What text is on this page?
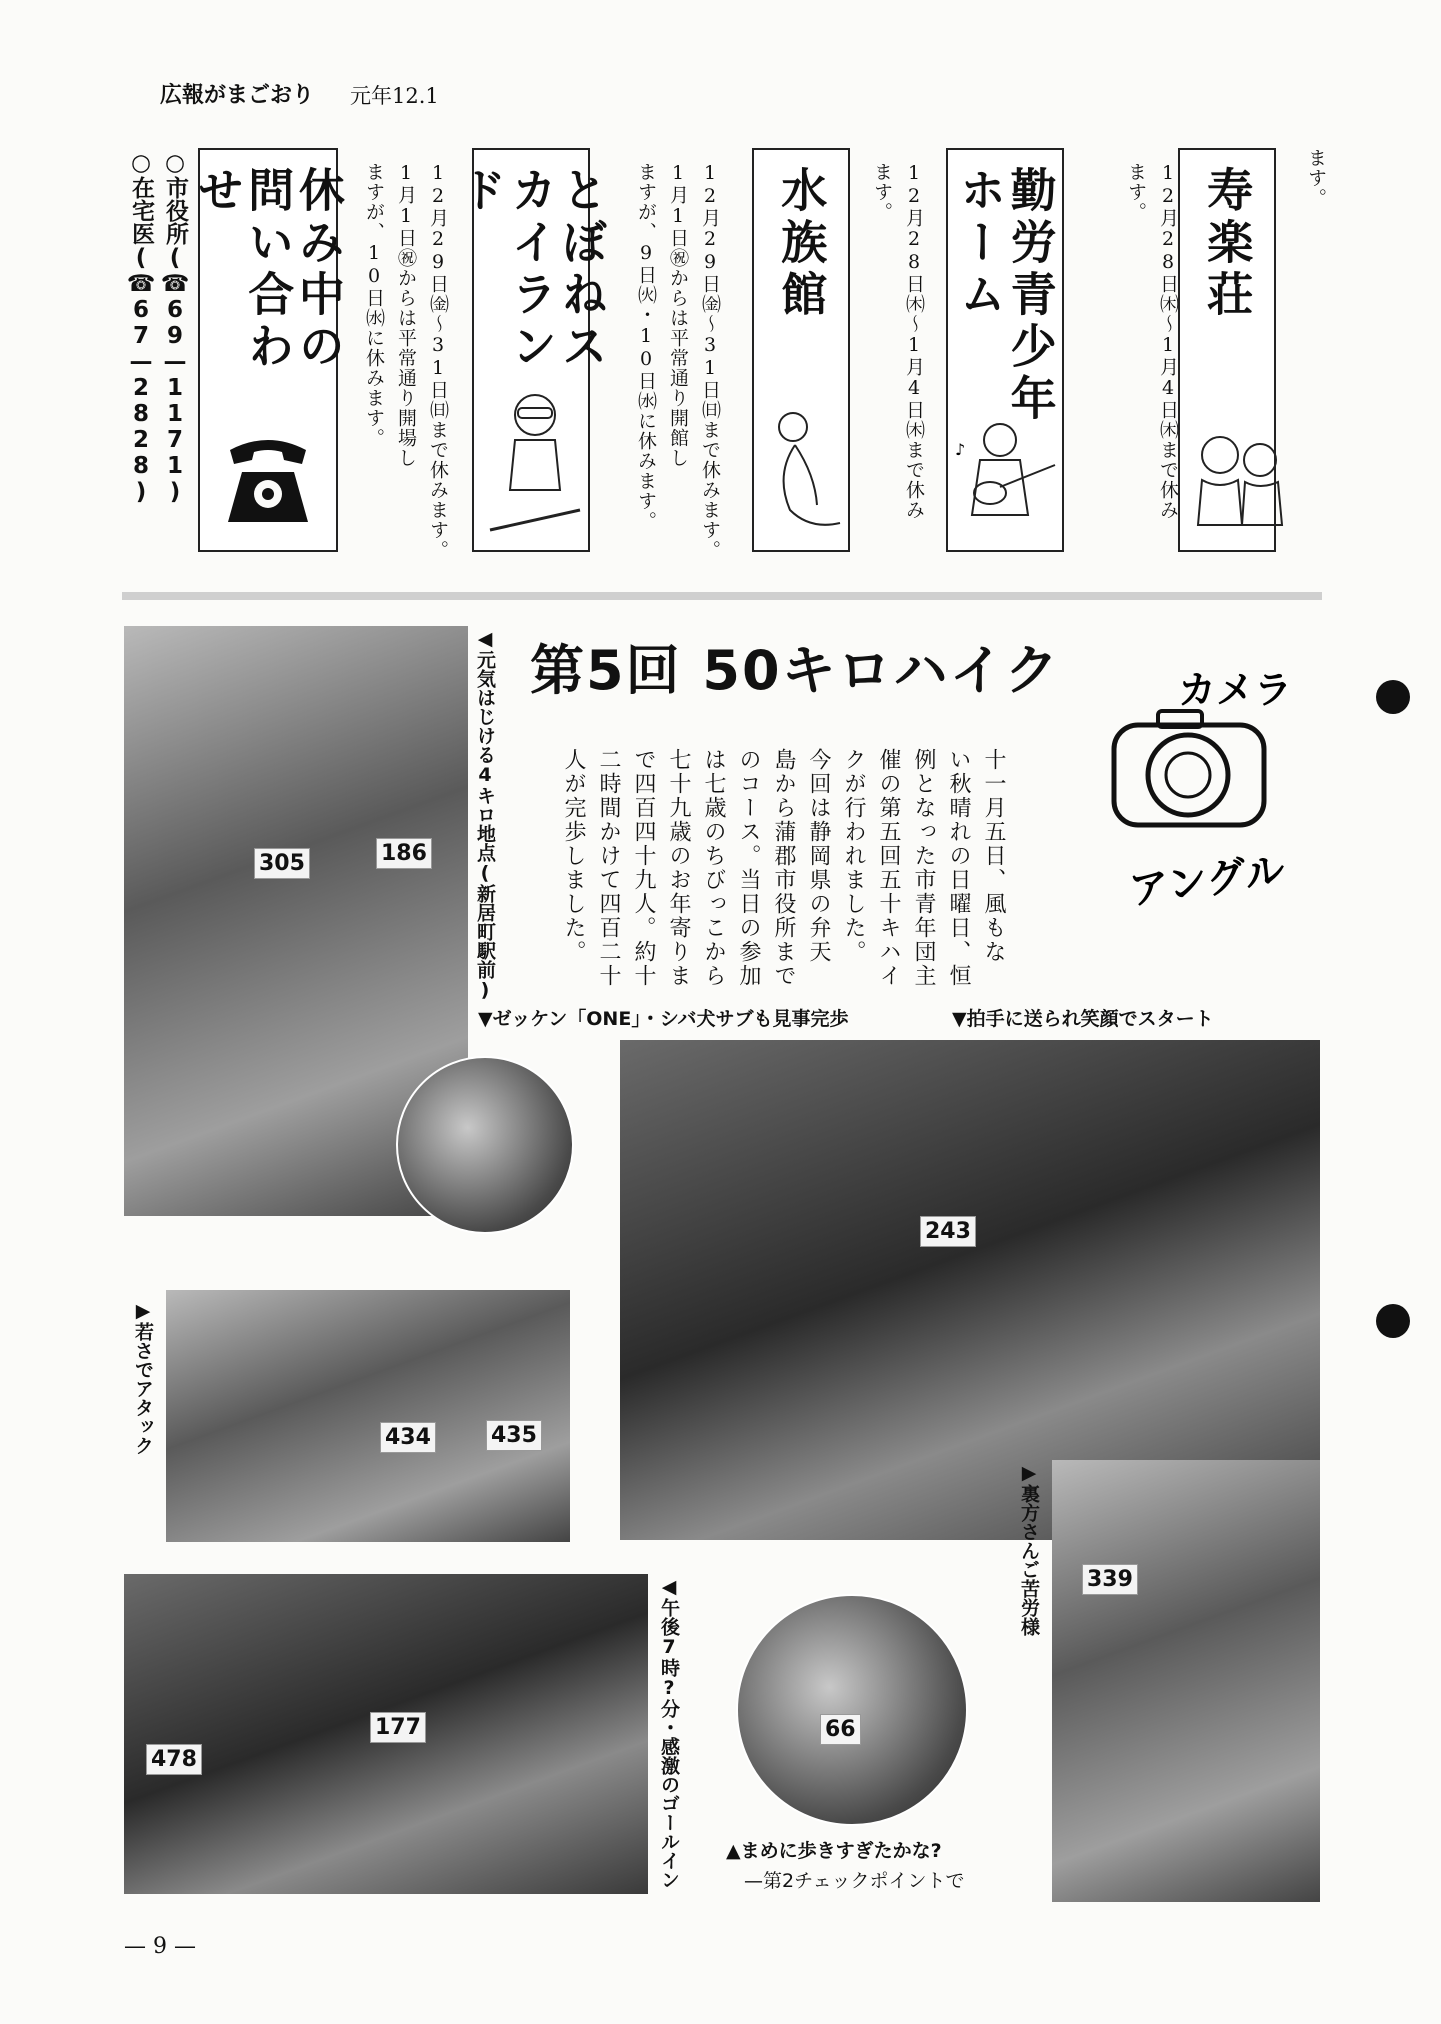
広報がまごおり 元年12.1
ます。
寿楽荘
12月28日㈭〜1月4日㈭まで休み
ます。
勤労青少年ホーム
12月28日㈭〜1月4日㈭まで休み
ます。
♪
水族館
12月29日㈮〜31日㈰まで休みます。
1月1日㊗からは平常通り開館し
ますが、9日㈫・10日㈬に休みます。
とぼねスカイランド
12月29日㈮〜31日㈰まで休みます。
1月1日㊗からは平常通り開場し
ますが、10日㈬に休みます。
休み中の問い合わせ
○市役所(☎69—1171)
○在宅医(☎67—2828)
第5回 50キロハイク	カメラ
アングル
十一月五日、風もな
い秋晴れの日曜日、恒
例となった市青年団主
催の第五回五十キハイ
クが行われました。
今回は静岡県の弁天
島から蒲郡市役所まで
のコース。当日の参加
は七歳のちびっこから
七十九歳のお年寄りま
で四百四十九人。約十
二時間かけて四百二十
人が完歩しました。
305	186 ◀元気はじける4キロ地点(新居町駅前)
▼ゼッケン「ONE」・シバ犬サブも見事完歩	▼拍手に送られ笑顔でスタート
243
434	435
▶若さでアタック
478
177	◀午後7時?分・感激のゴールイン	66
▲まめに歩きすぎたかな?
—第2チェックポイントで
339
▶裏方さんご苦労様
— 9 —
